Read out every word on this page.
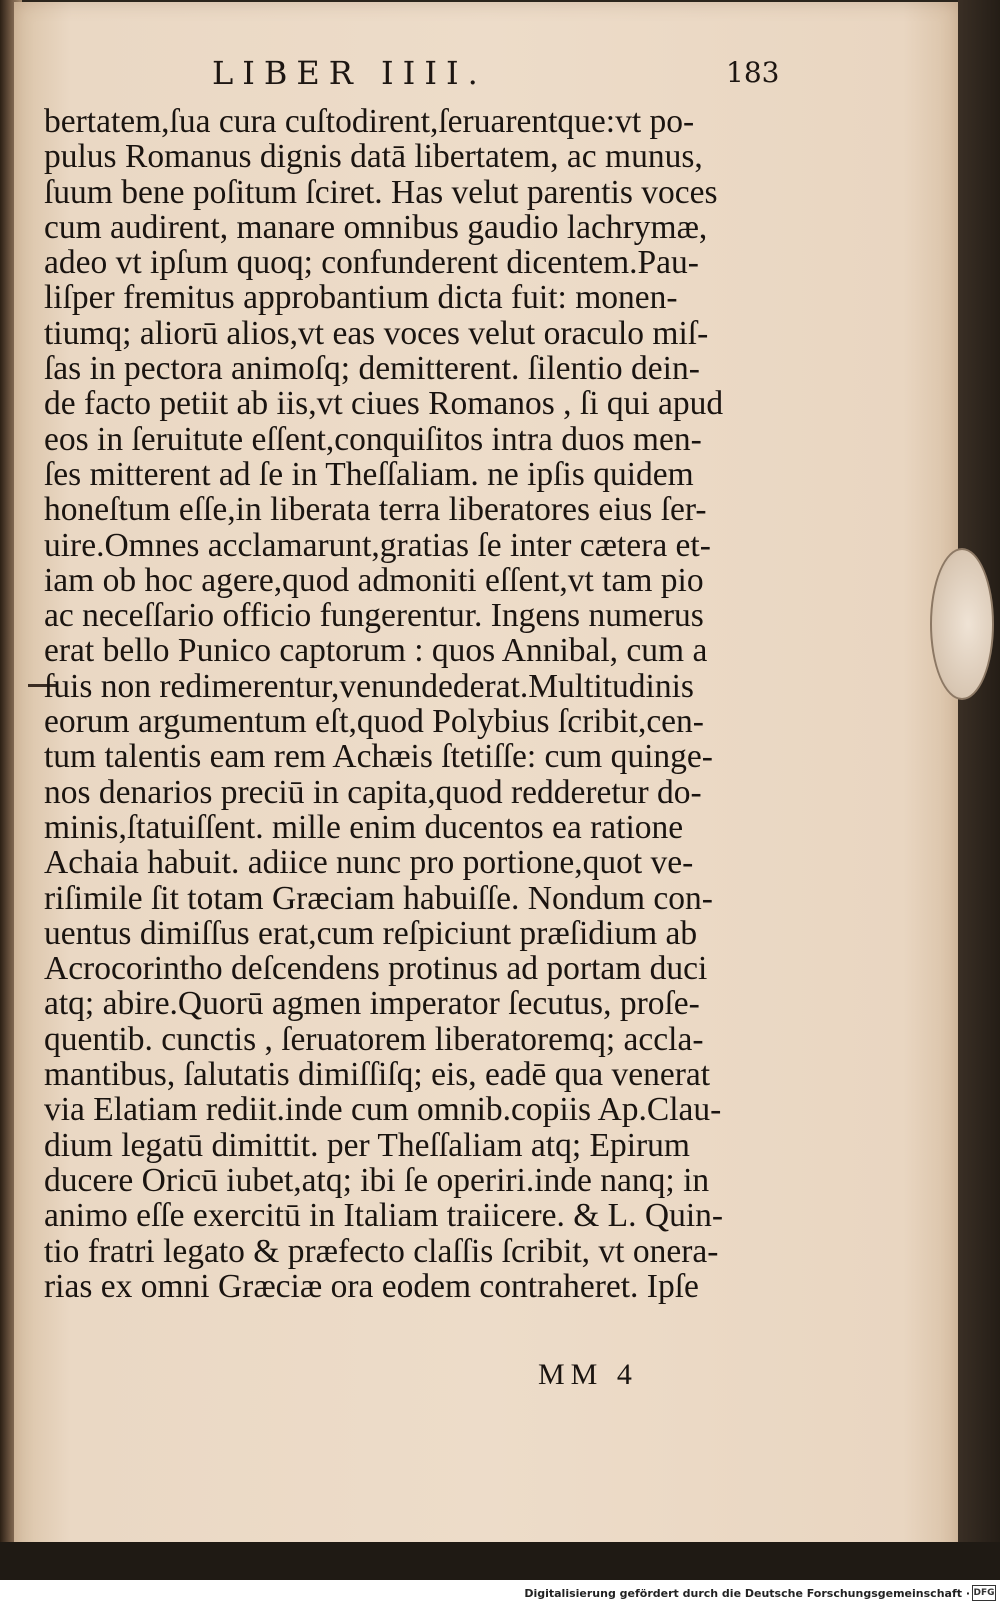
LIBER IIII.	183
bertatem,ſua cura cuſtodirent,ſeruarentque:vt po-
pulus Romanus dignis datā libertatem, ac munus,
ſuum bene poſitum ſciret. Has velut parentis voces
cum audirent, manare omnibus gaudio lachrymæ,
adeo vt ipſum quoq; confunderent dicentem.Pau-
liſper fremitus approbantium dicta fuit: monen-
tiumq; aliorū alios,vt eas voces velut oraculo miſ-
ſas in pectora animoſq; demitterent. ſilentio dein-
de facto petiit ab iis,vt ciues Romanos , ſi qui apud
eos in ſeruitute eſſent,conquiſitos intra duos men-
ſes mitterent ad ſe in Theſſaliam. ne ipſis quidem
honeſtum eſſe,in liberata terra liberatores eius ſer-
uire.Omnes acclamarunt,gratias ſe inter cætera et-
iam ob hoc agere,quod admoniti eſſent,vt tam pio
ac neceſſario officio fungerentur. Ingens numerus
erat bello Punico captorum : quos Annibal, cum a
ſuis non redimerentur,venundederat.Multitudinis
eorum argumentum eſt,quod Polybius ſcribit,cen-
tum talentis eam rem Achæis ſtetiſſe: cum quinge-
nos denarios preciū in capita,quod redderetur do-
minis,ſtatuiſſent. mille enim ducentos ea ratione
Achaia habuit. adiice nunc pro portione,quot ve-
riſimile ſit totam Græciam habuiſſe. Nondum con-
uentus dimiſſus erat,cum reſpiciunt præſidium ab
Acrocorintho deſcendens protinus ad portam duci
atq; abire.Quorū agmen imperator ſecutus, proſe-
quentib. cunctis , ſeruatorem liberatoremq; accla-
mantibus, ſalutatis dimiſſiſq; eis, eadē qua venerat
via Elatiam rediit.inde cum omnib.copiis Ap.Clau-
dium legatū dimittit. per Theſſaliam atq; Epirum
ducere Oricū iubet,atq; ibi ſe operiri.inde nanq; in
animo eſſe exercitū in Italiam traiicere. & L. Quin-
tio fratri legato & præfecto claſſis ſcribit, vt onera-
rias ex omni Græciæ ora eodem contraheret. Ipſe
MM 4
Digitalisierung gefördert durch die Deutsche Forschungsgemeinschaft · DFG
